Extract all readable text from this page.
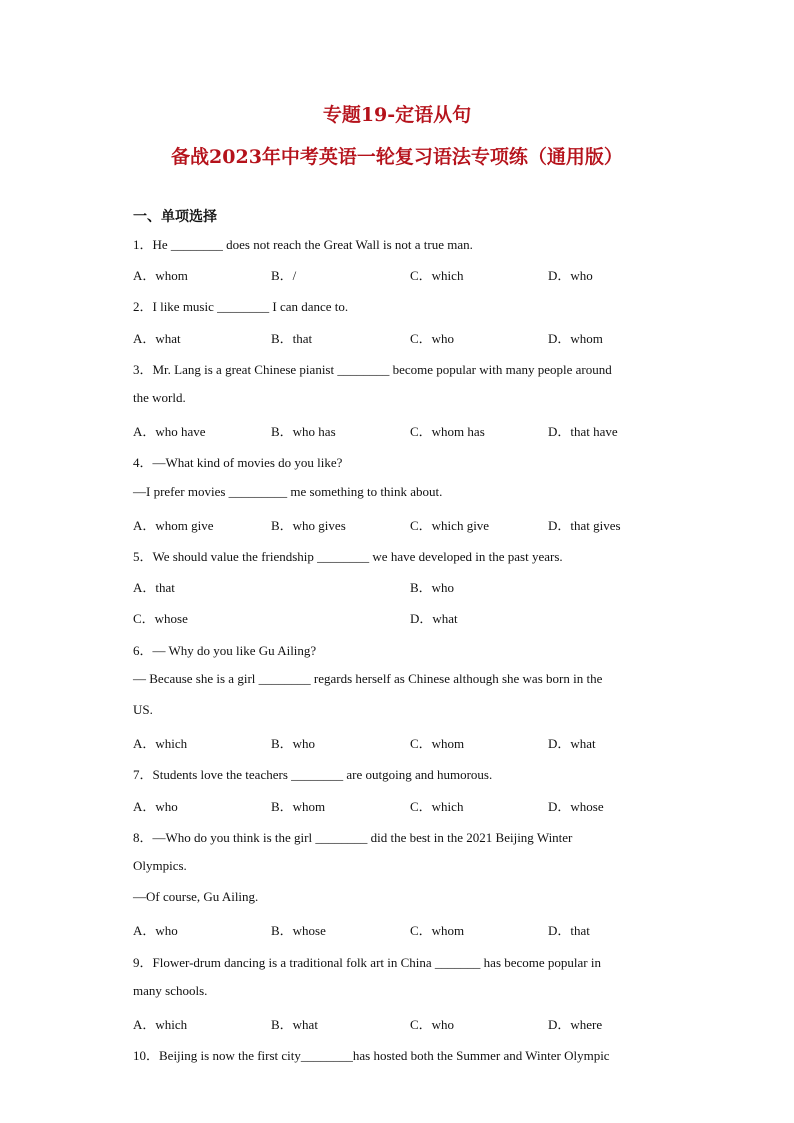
专题19-定语从句
备战2023年中考英语一轮复习语法专项练（通用版）
一、单项选择
1．He ________ does not reach the Great Wall is not a true man.
2．I like music ________ I can dance to.
3．Mr. Lang is a great Chinese pianist ________ become popular with many people around
the world.
4．—What kind of movies do you like?
—I prefer movies _________ me something to think about.
5．We should value the friendship ________ we have developed in the past years.
6．— Why do you like Gu Ailing?
— Because she is a girl ________ regards herself as Chinese although she was born in the
US.
7．Students love the teachers ________ are outgoing and humorous.
8．—Who do you think is the girl ________ did the best in the 2021 Beijing Winter
Olympics.
—Of course, Gu Ailing.
9．Flower-drum dancing is a traditional folk art in China _______ has become popular in
many schools.
10．Beijing is now the first city________has hosted both the Summer and Winter Olympic
A．whom	B．/	C．which	D．who
A．what	B．that	C．who	D．whom
A．who have	B．who has	C．whom has	D．that have
A．whom give	B．who gives	C．which give	D．that gives
A．that	B．who
C．whose	D．what
A．which	B．who	C．whom	D．what
A．who	B．whom	C．which	D．whose
A．who	B．whose	C．whom	D．that
A．which	B．what	C．who	D．where
